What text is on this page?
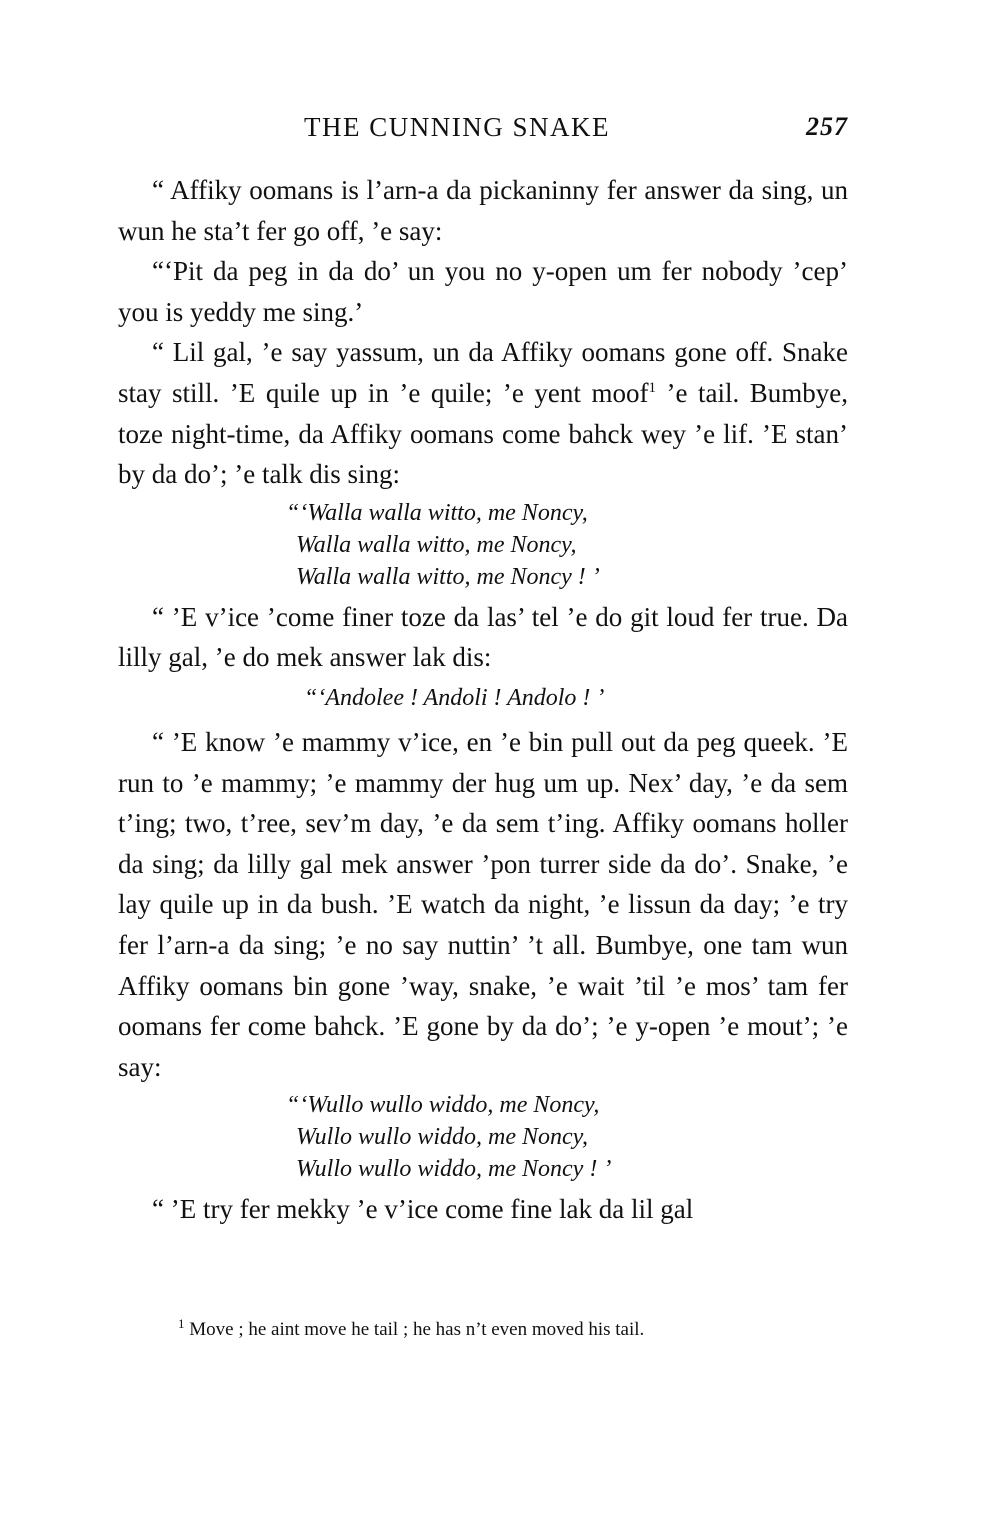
THE CUNNING SNAKE	257

“ Affiky oomans is l’arn-a da pickaninny fer answer da sing, un wun he sta’t fer go off, ’e say:

“‘Pit da peg in da do’ un you no y-open um fer nobody ’cep’ you is yeddy me sing.’

“ Lil gal, ’e say yassum, un da Affiky oomans gone off. Snake stay still. ’E quile up in ’e quile; ’e yent moof$^1$ ’e tail. Bumbye, toze night-time, da Affiky oomans come bahck wey ’e lif. ’E stan’ by da do’; ’e talk dis sing:

“‘Walla walla witto, me Noncy,
Walla walla witto, me Noncy,
Walla walla witto, me Noncy ! ’

“ ’E v’ice ’come finer toze da las’ tel ’e do git loud fer true. Da lilly gal, ’e do mek answer lak dis:

“‘Andolee ! Andoli ! Andolo ! ’

“ ’E know ’e mammy v’ice, en ’e bin pull out da peg queek. ’E run to ’e mammy; ’e mammy der hug um up. Nex’ day, ’e da sem t’ing; two, t’ree, sev’m day, ’e da sem t’ing. Affiky oomans holler da sing; da lilly gal mek answer ’pon turrer side da do’. Snake, ’e lay quile up in da bush. ’E watch da night, ’e lissun da day; ’e try fer l’arn-a da sing; ’e no say nuttin’ ’t all. Bumbye, one tam wun Affiky oomans bin gone ’way, snake, ’e wait ’til ’e mos’ tam fer oomans fer come bahck. ’E gone by da do’; ’e y-open ’e mout’; ’e say:

“‘Wullo wullo widdo, me Noncy,
Wullo wullo widdo, me Noncy,
Wullo wullo widdo, me Noncy ! ’

“ ’E try fer mekky ’e v’ice come fine lak da lil gal

$^1$ Move ; he aint move he tail ; he has n’t even moved his tail.
